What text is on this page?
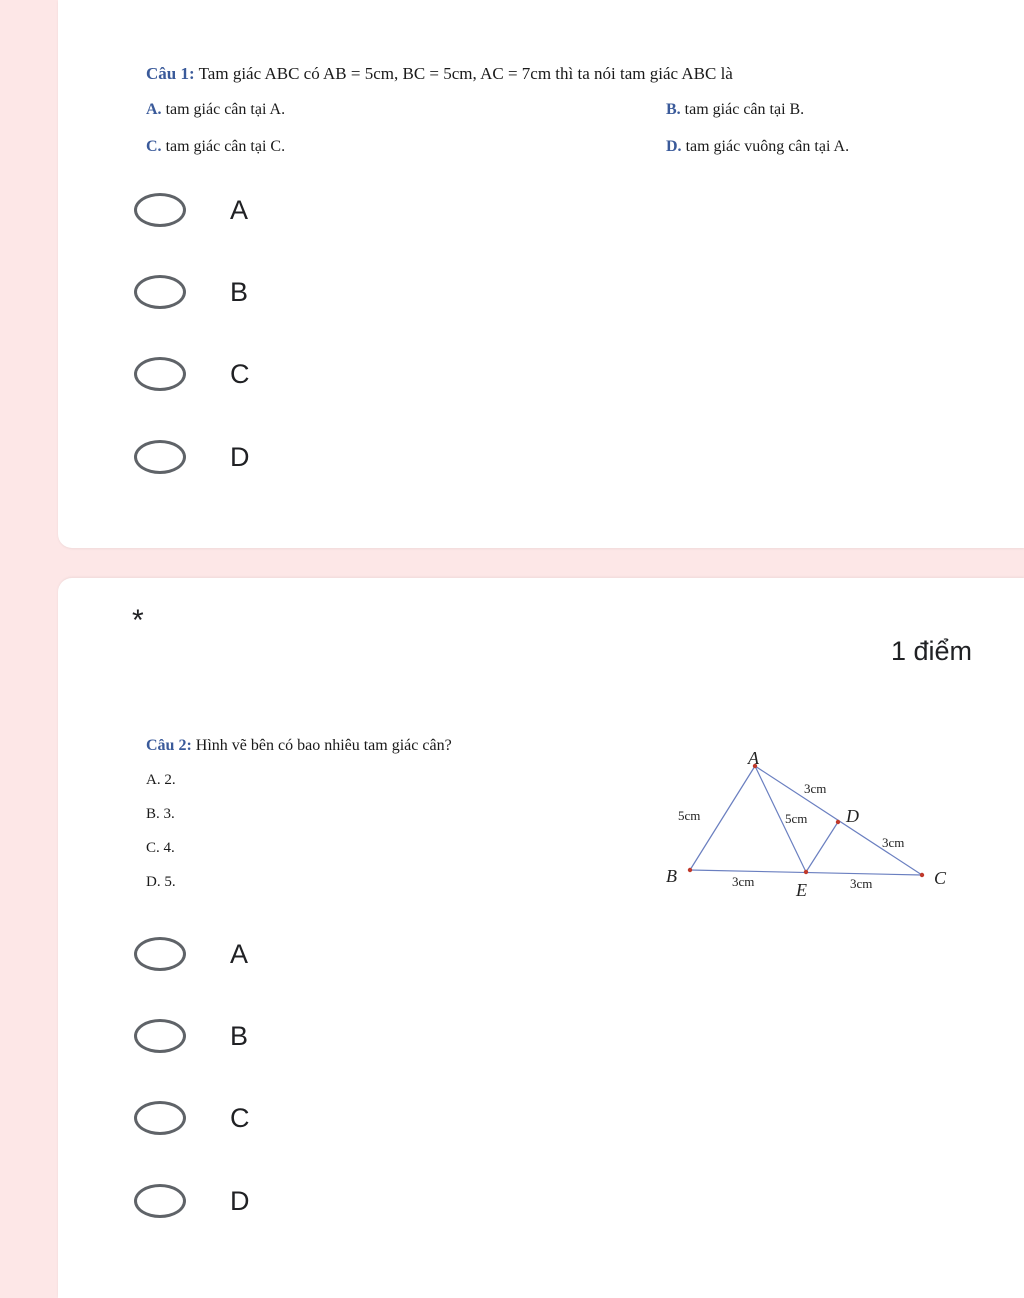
Câu 1: Tam giác ABC có AB = 5cm, BC = 5cm, AC = 7cm thì ta nói tam giác ABC là
A. tam giác cân tại A.	B. tam giác cân tại B.
C. tam giác cân tại C.	D. tam giác vuông cân tại A.
A
B
C
D
*
1 điểm
Câu 2: Hình vẽ bên có bao nhiêu tam giác cân?
A. 2.
B. 3.
C. 4.
D. 5.
A
B	C
D
E
3cm
5cm	5cm
3cm
3cm	3cm
A
B
C
D
